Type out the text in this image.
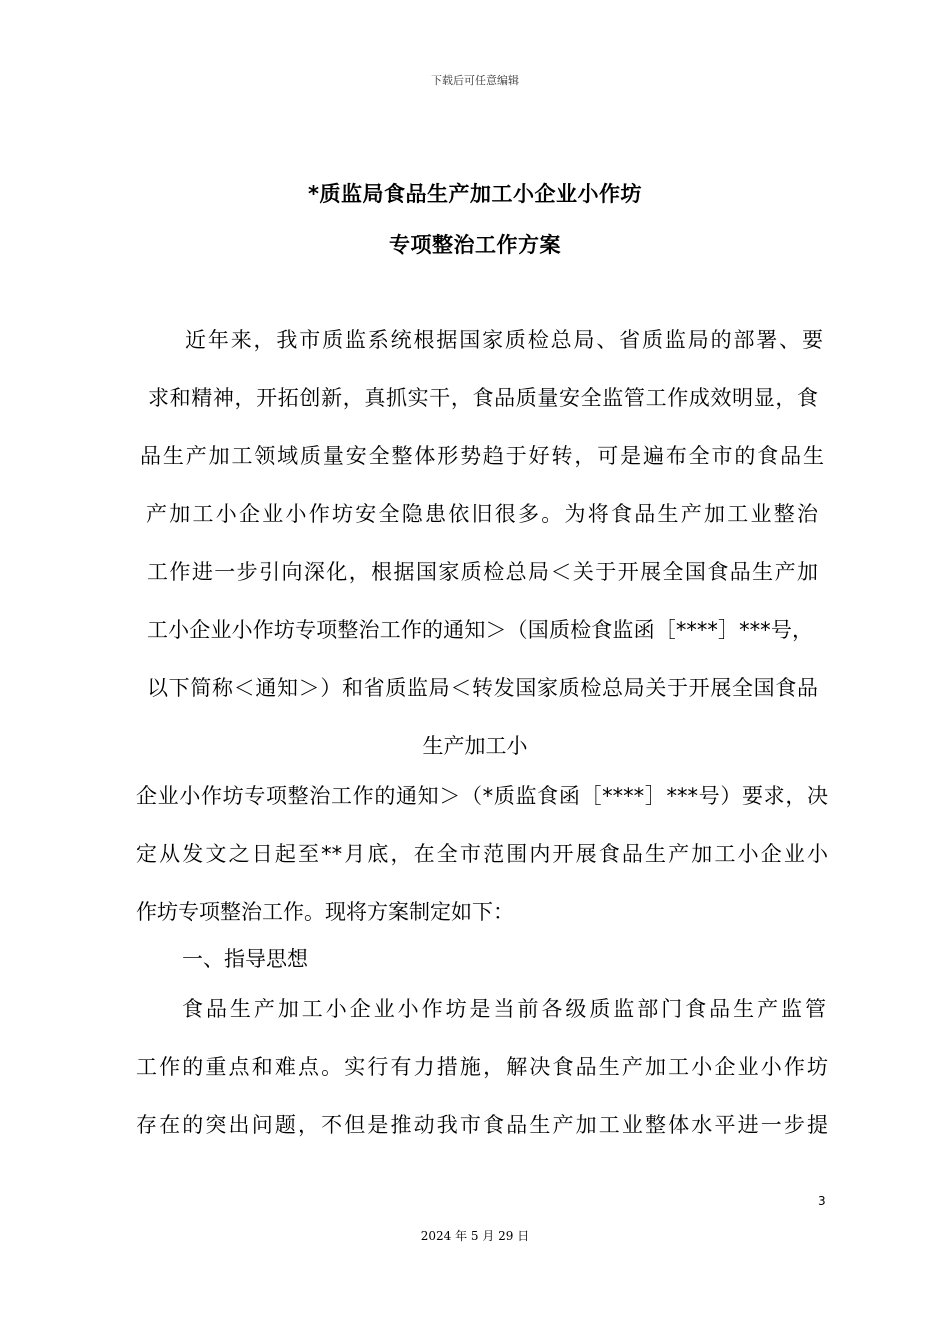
下载后可任意编辑
*质监局食品生产加工小企业小作坊
专项整治工作方案
近年来，我市质监系统根据国家质检总局、省质监局的部署、要
求和精神，开拓创新，真抓实干，食品质量安全监管工作成效明显，食
品生产加工领域质量安全整体形势趋于好转，可是遍布全市的食品生
产加工小企业小作坊安全隐患依旧很多。为将食品生产加工业整治
工作进一步引向深化，根据国家质检总局＜关于开展全国食品生产加
工小企业小作坊专项整治工作的通知＞（国质检食监函［****］***号，
以下简称＜通知＞）和省质监局＜转发国家质检总局关于开展全国食品
生产加工小
企业小作坊专项整治工作的通知＞（*质监食函［****］***号）要求，决
定从发文之日起至**月底，在全市范围内开展食品生产加工小企业小
作坊专项整治工作。现将方案制定如下：
一、指导思想
食品生产加工小企业小作坊是当前各级质监部门食品生产监管
工作的重点和难点。实行有力措施，解决食品生产加工小企业小作坊
存在的突出问题，不但是推动我市食品生产加工业整体水平进一步提
3
2024 年 5 月 29 日
